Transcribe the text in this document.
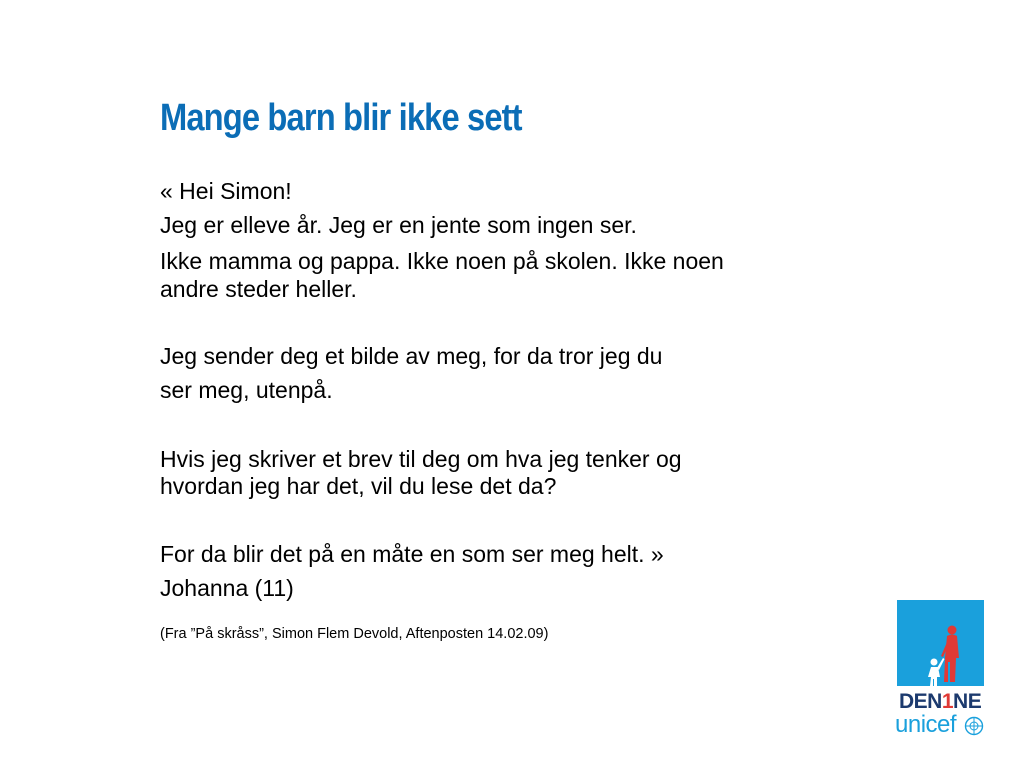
Mange barn blir ikke sett

« Hei Simon!

Jeg er elleve år. Jeg er en jente som ingen ser.

Ikke mamma og pappa. Ikke noen på skolen. Ikke noen

andre steder heller.

Jeg sender deg et bilde av meg, for da tror jeg du

ser meg, utenpå.

Hvis jeg skriver et brev til deg om hva jeg tenker og

hvordan jeg har det, vil du lese det da?

For da blir det på en måte en som ser meg helt. »

Johanna (11)

(Fra ”På skråss”, Simon Flem Devold, Aftenposten 14.02.09)

DEN1NE
unicef
